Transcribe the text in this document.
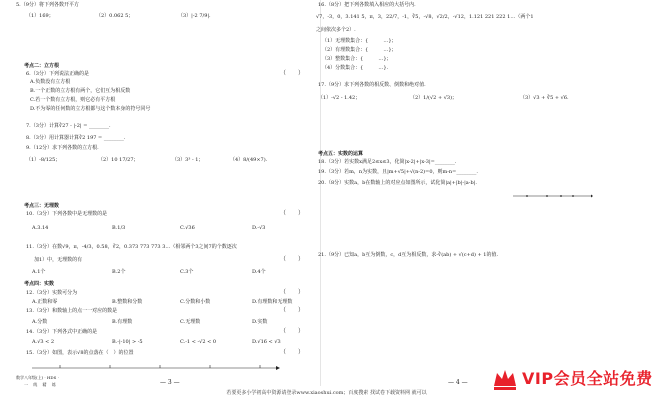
5.（9分）将下列各数开平方
（1）169；	（2）0.062 5；	（3）|-2 7/9|.
考点二：立方根
6.（3分）下列说法正确的是	（　　）
A.负数没有立方根
B.一个正数的立方根有两个，它们互为相反数
C.若一个数有立方根，则它必有平方根
D.不为零的任何数的立方根都与这个数本身的符号同号
7.（3分）计算∛27 - |-2| = ________.
8.（3分）用计算器计算∛2 197 = ________.
9.（12分）求下列各数的立方根.
（1）-8/125；	（2）10 17/27；	（3）3³ - 1；	（4）8/(49×7).
考点三：无理数
10.（3分）下列各数中是无理数的是	（　　）
A.3.14	B.1/3	C.√36	D.-√3
11.（3分）在数√9，π，-4/3，0.58，∛2，0.373 773 773 3…（相邻两个3之间7的个数逐次
加1）中，无理数的有	（　　）
A.1个	B.2个	C.3个	D.4个
考点四：实数
12.（3分）实数可分为	（　　）
A.正数和零	B.整数和分数	C.分数和小数	D.有理数和无理数
13.（3分）和数轴上的点一一对应的数是	（　　）
A.分数	B.有理数	C.无理数	D.实数
14.（3分）下列各式中正确的是	（　　）
A.√3 < 2	B.-|-10| > -5	C.-1 < -√2 < 0	D.√16 < √3
15.（3分）如图，表示√8的点落在（　）的位置	（　　）
数学八年级(上) · HDS ·
一 线 精 练	— 3 —
16.（8分）把下列各数填入相应的大括号内.
√7，-3，0，3.141 5，π，3，22/7，-1，∛5，-√8，√2/2，-√12，1.121 221 222 1…（两个1
之间依次多个2）.
（1）无理数集合：{　　　…}；
（2）有理数集合：{　　　…}；
（3）整数集合：{　　　…}；
（4）分数集合：{　　　…}.
17.（9分）求下列各数的相反数、倒数和绝对值.
（1）-√2 - 1.42；	（2）1/(√2 + √3)；	（3）√3 + ∛5 + √6.
考点五：实数的运算
18.（3分）若实数x满足2≤x≤3，化简|x-2|+|x-3|=________.
19.（3分）若m，n为实数，且|m+√5|+√(n-2)=0，则m-n=________.
20.（8分）实数a，b在数轴上的对应点如图所示，试化简|a|+|b|-|a-b|.
21.（9分）已知a，b互为倒数，c，d互为相反数，求-∛(ab) + √(c+d) + 1的值.
— 4 —
若要更多小学初高中资源请登录www.xiaoshui.com；百度搜索 找试卷下载资料网 就可以
VIP会员全站免费
